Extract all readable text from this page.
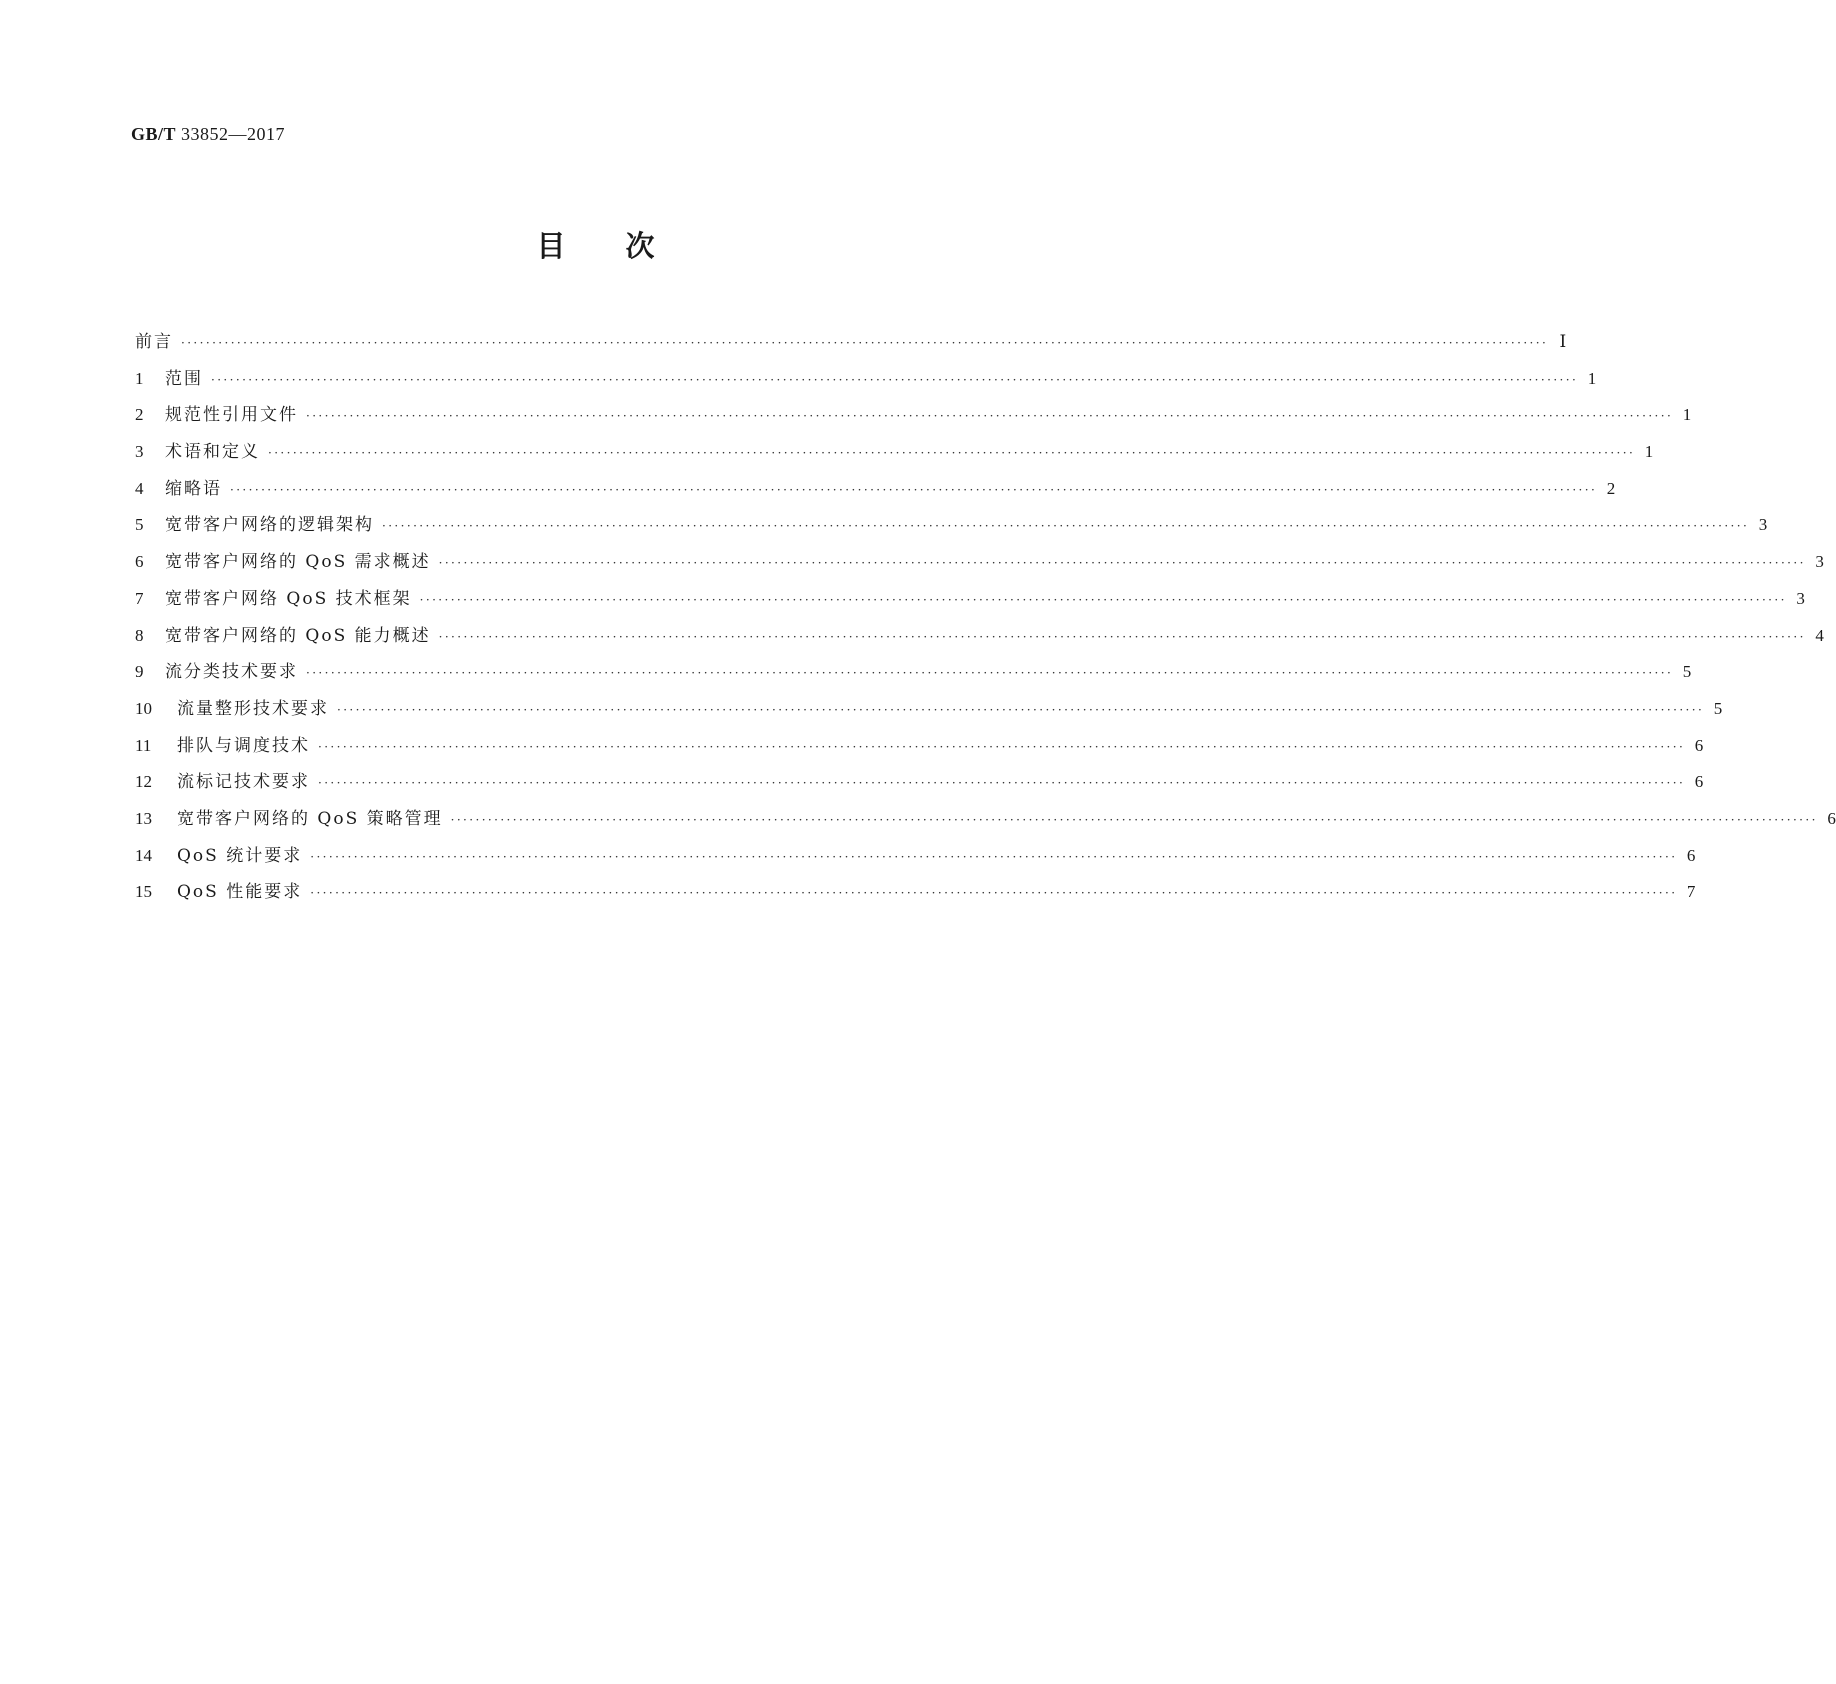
GB/T 33852—2017
目次
前言 ···························································································································································································································· Ⅰ
1	范围 ···························································································································································································································· 1
2	规范性引用文件 ···························································································································································································································· 1
3	术语和定义 ···························································································································································································································· 1
4	缩略语 ···························································································································································································································· 2
5	宽带客户网络的逻辑架构 ···························································································································································································································· 3
6	宽带客户网络的 QoS 需求概述 ···························································································································································································································· 3
7	宽带客户网络 QoS 技术框架 ···························································································································································································································· 3
8	宽带客户网络的 QoS 能力概述 ···························································································································································································································· 4
9	流分类技术要求 ···························································································································································································································· 5
10	流量整形技术要求 ···························································································································································································································· 5
11	排队与调度技术 ···························································································································································································································· 6
12	流标记技术要求 ···························································································································································································································· 6
13	宽带客户网络的 QoS 策略管理 ···························································································································································································································· 6
14	QoS 统计要求 ···························································································································································································································· 6
15	QoS 性能要求 ···························································································································································································································· 7
